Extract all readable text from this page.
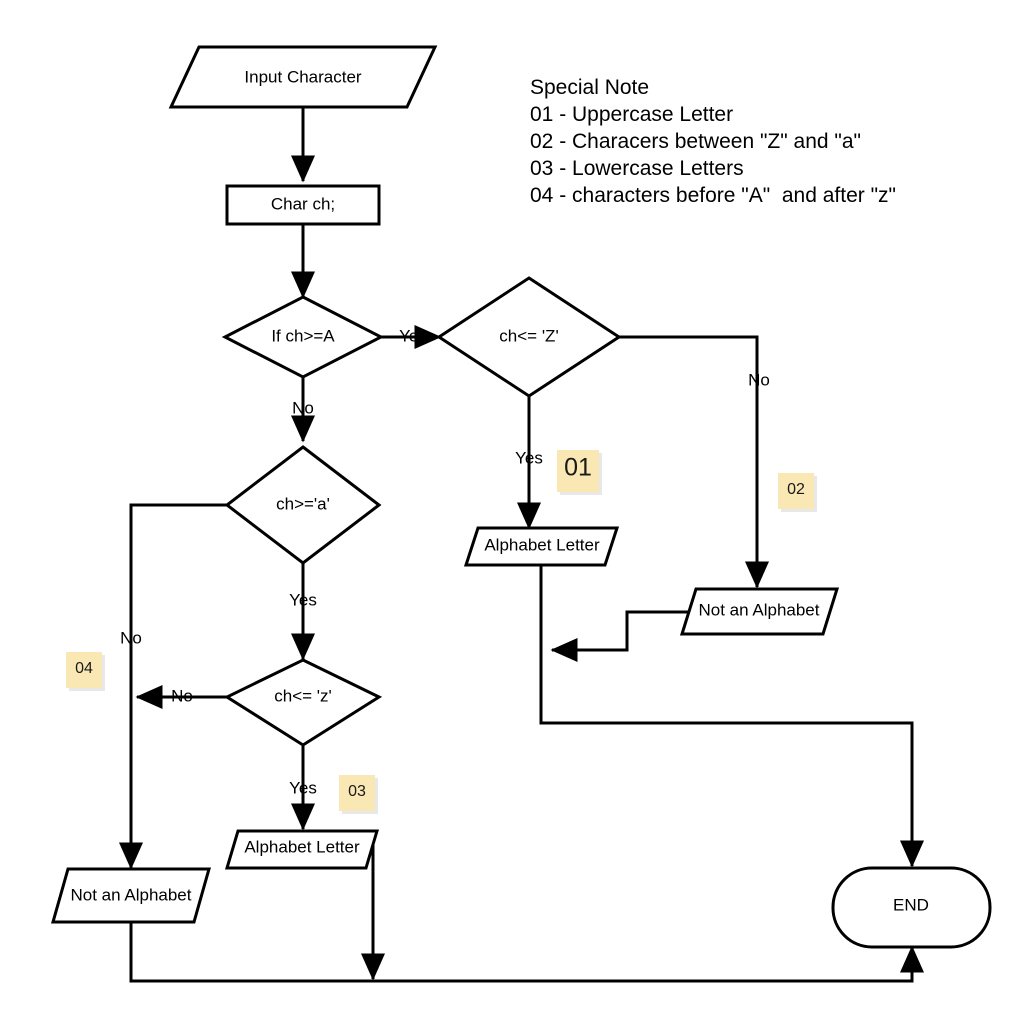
Input Character
Char ch;
If ch>=A	ch<= 'Z'
ch>='a'
ch<= 'z'
Alphabet Letter
Not an Alphabet
Alphabet Letter
Not an Alphabet
END
Yes
No
Yes
No
Yes
No
Yes
No
01
02
03
04
Special Note
01 - Uppercase Letter
02 - Characers between "Z" and "a"
03 - Lowercase Letters
04 - characters before "A"  and after "z"
